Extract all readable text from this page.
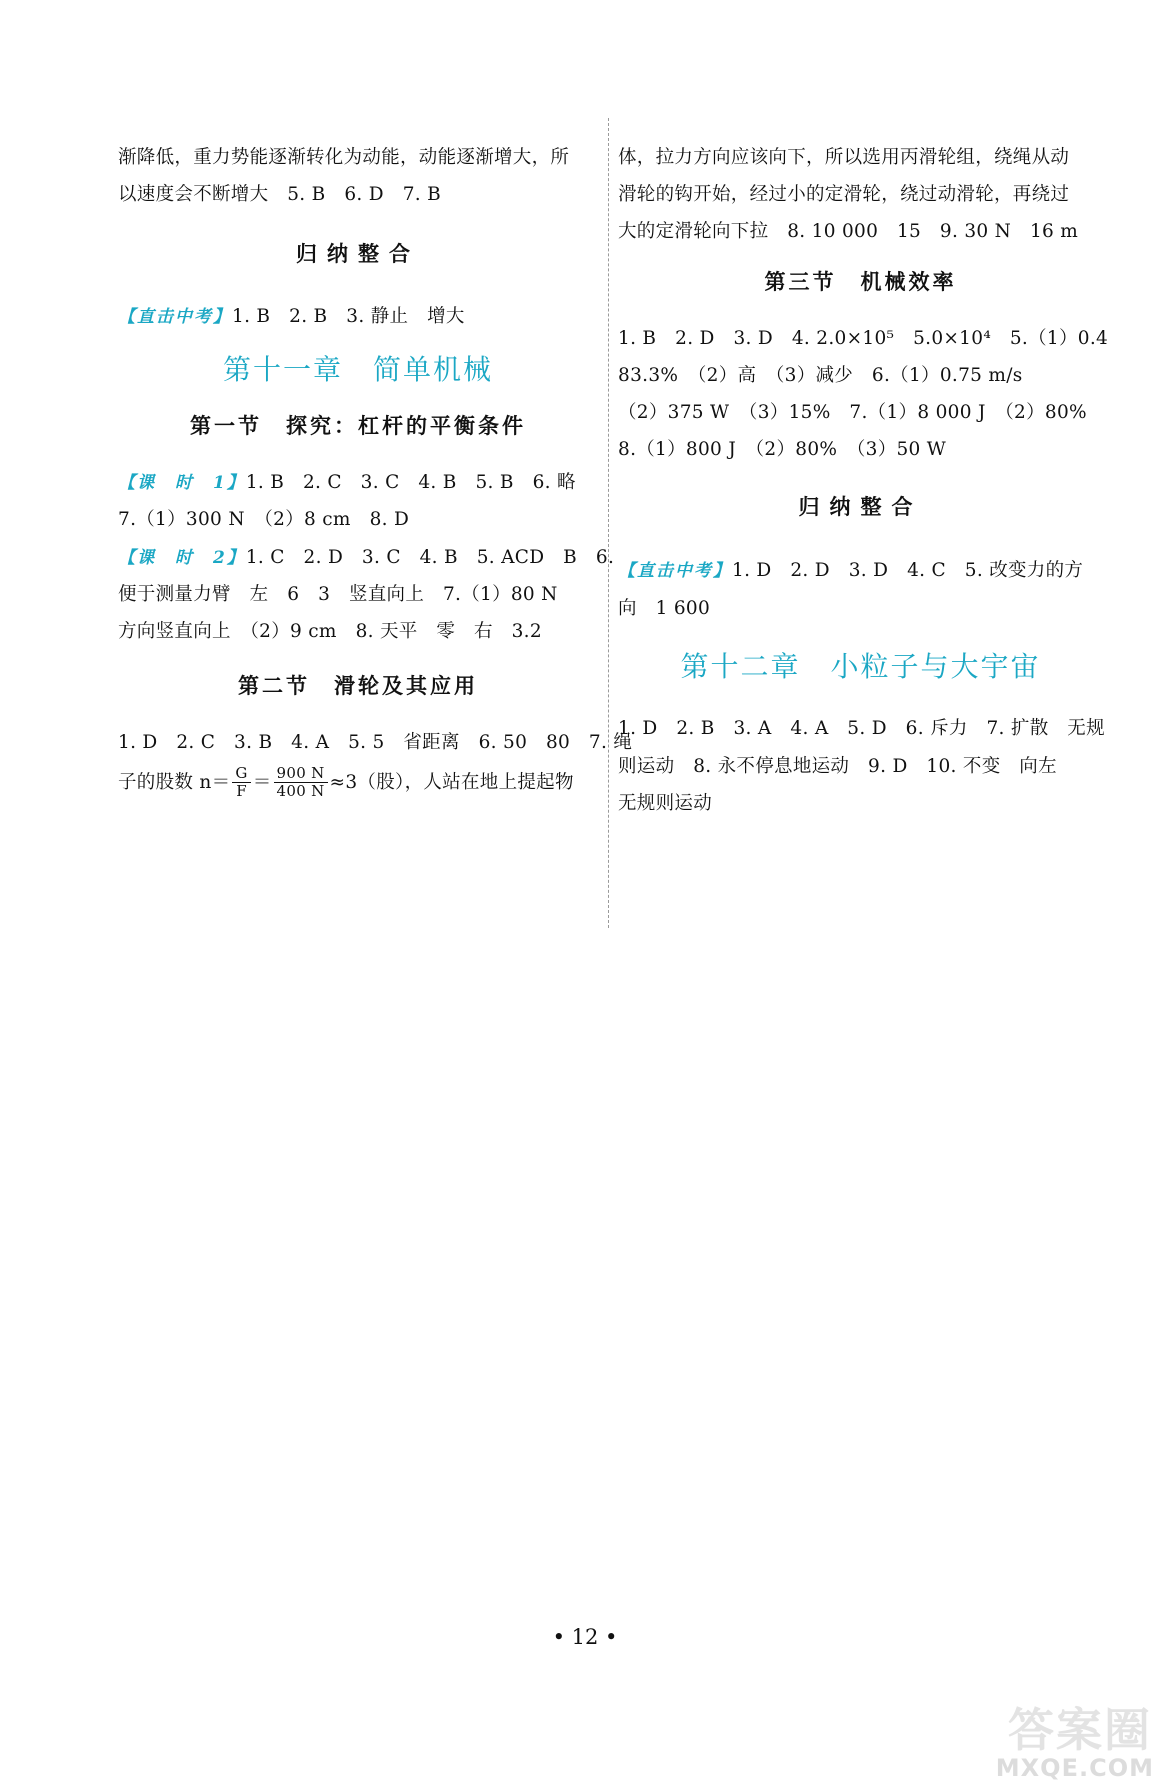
渐降低，重力势能逐渐转化为动能，动能逐渐增大，所
以速度会不断增大　5. B　6. D　7. B
归纳整合
【直击中考】1. B　2. B　3. 静止　增大
第十一章　简单机械
第一节　探究：杠杆的平衡条件
【课　时　1】1. B　2. C　3. C　4. B　5. B　6. 略
7.（1）300 N　（2）8 cm　8. D
【课　时　2】1. C　2. D　3. C　4. B　5. ACD　B　6.
便于测量力臂　左　6　3　竖直向上　7.（1）80 N
方向竖直向上　（2）9 cm　8. 天平　零　右　3.2
第二节　滑轮及其应用
1. D　2. C　3. B　4. A　5. 5　省距离　6. 50　80　7. 绳
子的股数 $n= \frac{G}{F} = \frac{900 N}{400 N} \approx 3$（股），人站在地上提起物
体，拉力方向应该向下，所以选用丙滑轮组，绕绳从动
滑轮的钩开始，经过小的定滑轮，绕过动滑轮，再绕过
大的定滑轮向下拉　8. 10 000　15　9. 30 N　16 m
第三节　机械效率
1. B　2. D　3. D　4. 2.0×10⁵　5.0×10⁴　5.（1）0.4
83.3%　（2）高　（3）减少　6.（1）0.75 m/s
（2）375 W　（3）15%　7.（1）8 000 J　（2）80%
8.（1）800 J　（2）80%　（3）50 W
归纳整合
【直击中考】1. D　2. D　3. D　4. C　5. 改变力的方
向　1 600
第十二章　小粒子与大宇宙
1. D　2. B　3. A　4. A　5. D　6. 斥力　7. 扩散　无规
则运动　8. 永不停息地运动　9. D　10. 不变　向左
无规则运动
• 12 •
答案圈
MXQE.COM
